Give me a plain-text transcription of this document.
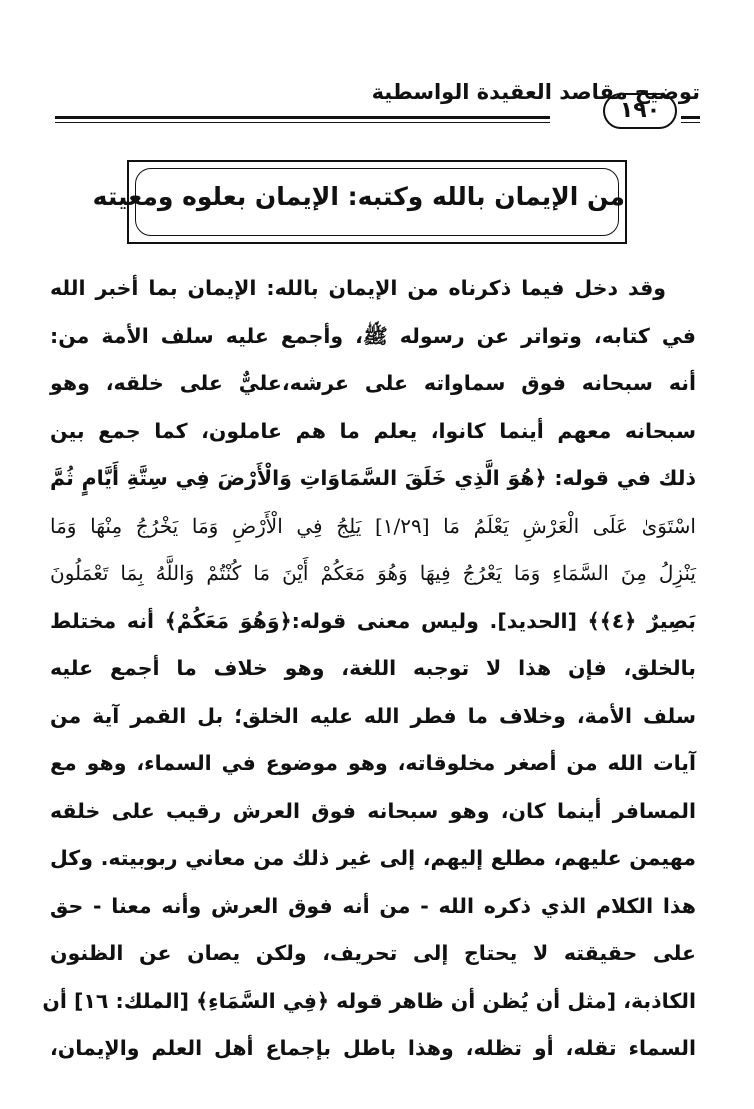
توضيح مقاصد العقيدة الواسطية
١٩٠
من الإيمان بالله وكتبه: الإيمان بعلوه ومعيته
وقد دخل فيما ذكرناه من الإيمان بالله: الإيمان بما أخبر الله
في كتابه، وتواتر عن رسوله ﷺ، وأجمع عليه سلف الأمة من:
أنه سبحانه فوق سماواته على عرشه،عليٌّ على خلقه، وهو
سبحانه معهم أينما كانوا، يعلم ما هم عاملون، كما جمع بين
ذلك في قوله: ﴿هُوَ الَّذِي خَلَقَ السَّمَاوَاتِ وَالْأَرْضَ فِي سِتَّةِ أَيَّامٍ ثُمَّ
اسْتَوَىٰ عَلَى الْعَرْشِ يَعْلَمُ مَا [١/٢٩] يَلِجُ فِي الْأَرْضِ وَمَا يَخْرُجُ مِنْهَا وَمَا
يَنْزِلُ مِنَ السَّمَاءِ وَمَا يَعْرُجُ فِيهَا وَهُوَ مَعَكُمْ أَيْنَ مَا كُنْتُمْ وَاللَّهُ بِمَا تَعْمَلُونَ
بَصِيرٌ ﴿٤﴾﴾ [الحديد]. وليس معنى قوله:﴿وَهُوَ مَعَكُمْ﴾ أنه مختلط
بالخلق، فإن هذا لا توجبه اللغة، وهو خلاف ما أجمع عليه
سلف الأمة، وخلاف ما فطر الله عليه الخلق؛ بل القمر آية من
آيات الله من أصغر مخلوقاته، وهو موضوع في السماء، وهو مع
المسافر أينما كان، وهو سبحانه فوق العرش رقيب على خلقه
مهيمن عليهم، مطلع إليهم، إلى غير ذلك من معاني ربوبيته. وكل
هذا الكلام الذي ذكره الله - من أنه فوق العرش وأنه معنا - حق
على حقيقته لا يحتاج إلى تحريف، ولكن يصان عن الظنون
الكاذبة، [مثل أن يُظن أن ظاهر قوله ﴿فِي السَّمَاءِ﴾ [الملك: ١٦] أن
السماء تقله، أو تظله، وهذا باطل بإجماع أهل العلم والإيمان،
